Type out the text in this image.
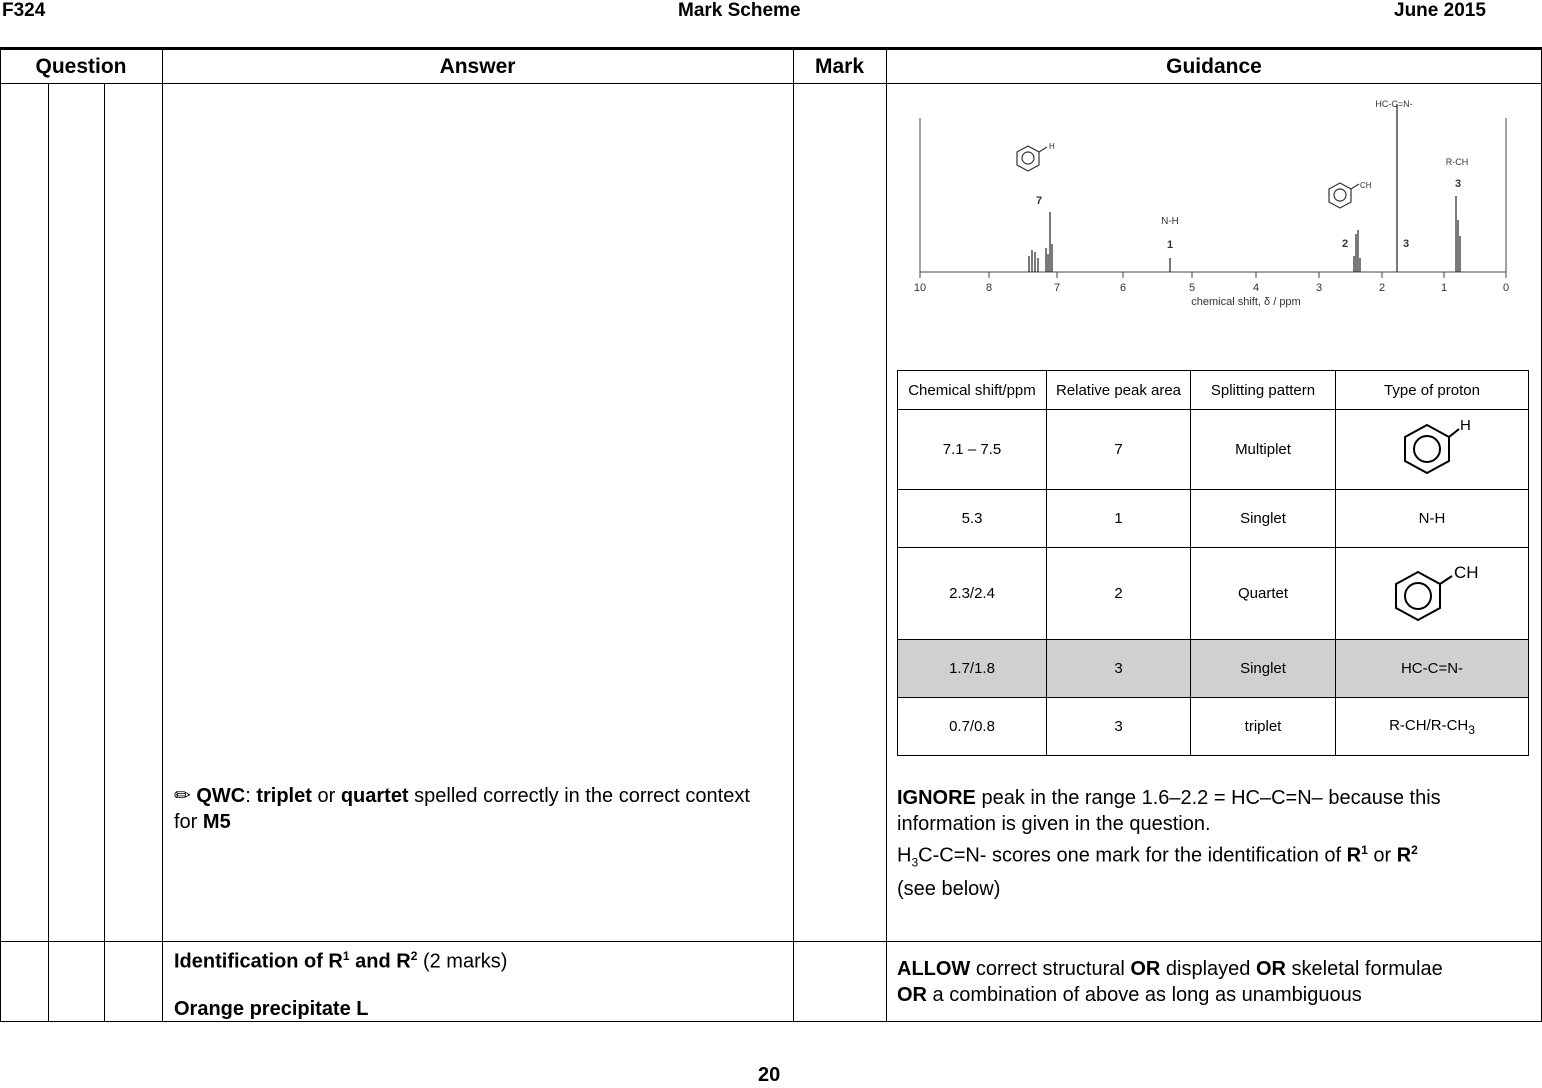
F324	Mark Scheme	June 2015
Question	Answer	Mark	Guidance
10	8	7	6	5	4	3	2	1	0
chemical shift, δ / ppm
H
7
N-H
1
CH
2
HC-C=N-
3
R-CH
3
Chemical shift/ppm	Relative peak area	Splitting pattern	Type of proton
7.1 – 7.5	7	Multiplet	H

5.3	1	Singlet	N-H
2.3/2.4	2	Quartet	CH

1.7/1.8	3	Singlet	HC-C=N-
0.7/0.8	3	triplet	$R-CH/R-CH_3$
✏ QWC: triplet or quartet spelled correctly in the correct context for M5
IGNORE peak in the range 1.6–2.2 = HC–C=N– because this information is given in the question.
$H_3C-C=N-$ scores one mark for the identification of $R^1$ or $R^2$
(see below)
Identification of $R^1$ and $R^2$ (2 marks)
Orange precipitate L
ALLOW correct structural OR displayed OR skeletal formulae
OR a combination of above as long as unambiguous
20
